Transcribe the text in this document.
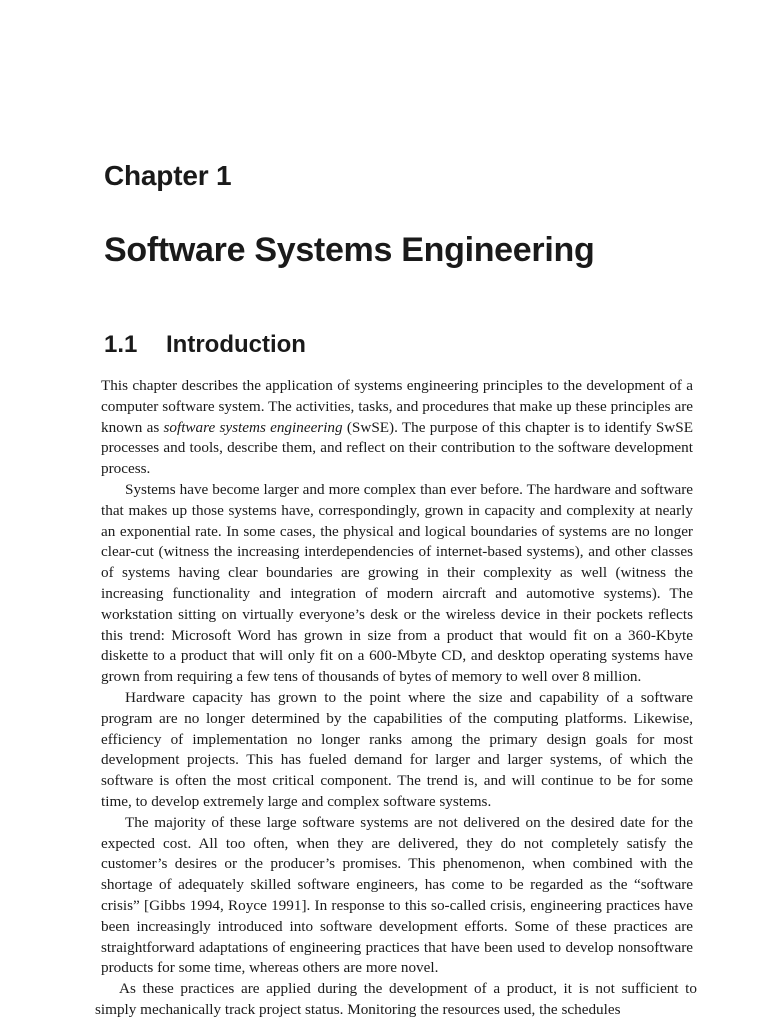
Chapter 1
Software Systems Engineering
1.1 Introduction

This chapter describes the application of systems engineering principles to the development of a computer software system. The activities, tasks, and procedures that make up these principles are known as software systems engineering (SwSE). The purpose of this chapter is to identify SwSE processes and tools, describe them, and reflect on their contribution to the software development process.

Systems have become larger and more complex than ever before. The hardware and software that makes up those systems have, correspondingly, grown in capacity and complexity at nearly an exponential rate. In some cases, the physical and logical boundaries of systems are no longer clear-cut (witness the increasing interdependencies of internet-based systems), and other classes of systems having clear boundaries are growing in their complexity as well (witness the increasing functionality and integration of modern aircraft and automotive systems). The workstation sitting on virtually everyone’s desk or the wireless device in their pockets reflects this trend: Microsoft Word has grown in size from a product that would fit on a 360-Kbyte diskette to a product that will only fit on a 600-Mbyte CD, and desktop operating systems have grown from requiring a few tens of thousands of bytes of memory to well over 8 million.

Hardware capacity has grown to the point where the size and capability of a software program are no longer determined by the capabilities of the computing platforms. Likewise, efficiency of implementation no longer ranks among the primary design goals for most development projects. This has fueled demand for larger and larger systems, of which the software is often the most critical component. The trend is, and will continue to be for some time, to develop extremely large and complex software systems.

The majority of these large software systems are not delivered on the desired date for the expected cost. All too often, when they are delivered, they do not completely satisfy the customer’s desires or the producer’s promises. This phenomenon, when combined with the shortage of adequately skilled software engineers, has come to be regarded as the “software crisis” [Gibbs 1994, Royce 1991]. In response to this so-called crisis, engineering practices have been increasingly introduced into software development efforts. Some of these practices are straightforward adaptations of engineering practices that have been used to develop nonsoftware products for some time, whereas others are more novel.

As these practices are applied during the development of a product, it is not sufficient to simply mechanically track project status. Monitoring the resources used, the schedules
